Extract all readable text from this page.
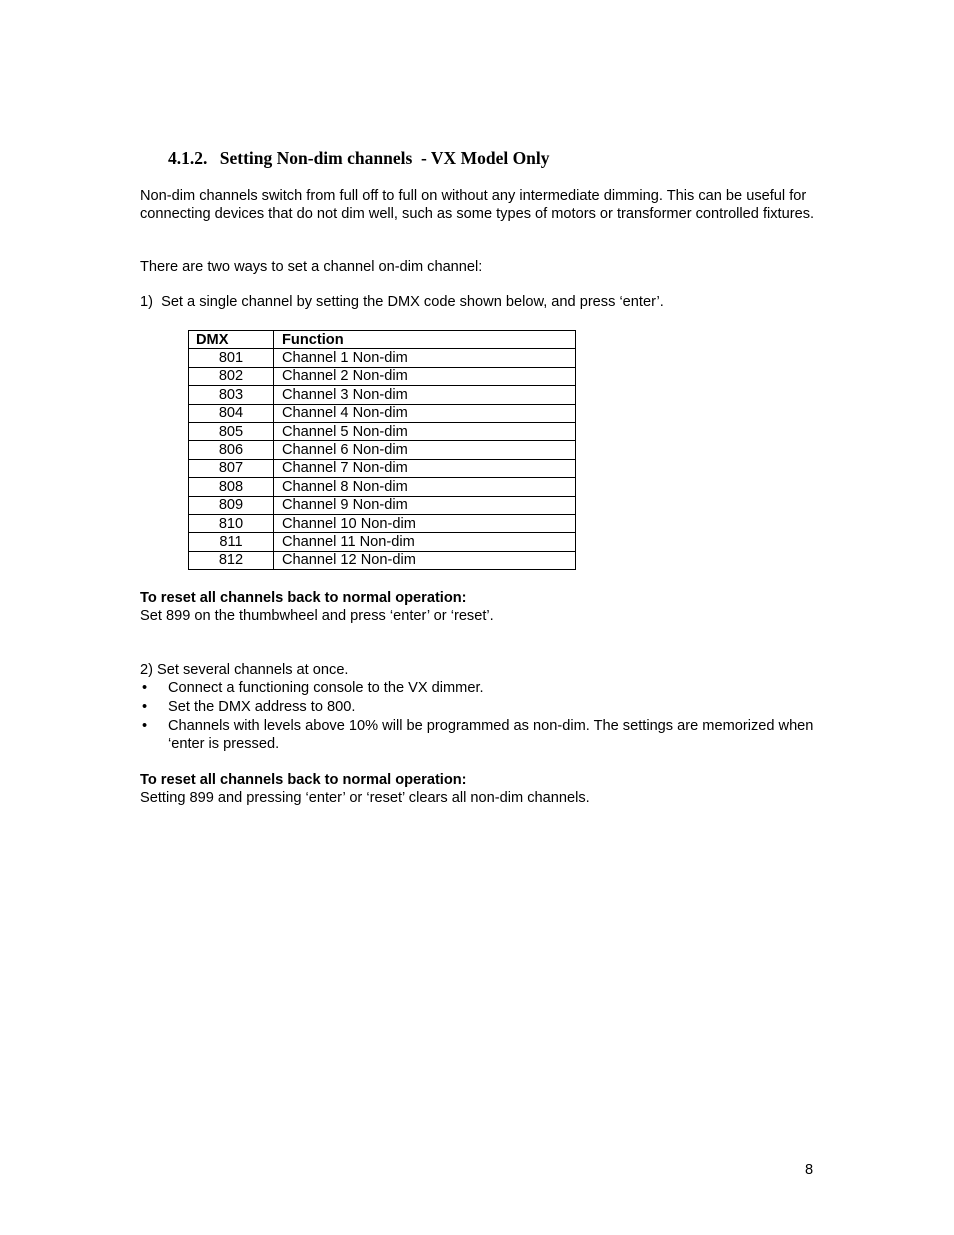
4.1.2. Setting Non-dim channels  - VX Model Only

Non-dim channels switch from full off to full on without any intermediate dimming. This can be useful for connecting devices that do not dim well, such as some types of motors or transformer controlled fixtures.

There are two ways to set a channel on-dim channel:

1)  Set a single channel by setting the DMX code shown below, and press ‘enter’.

DMX	Function
801	Channel 1 Non-dim
802	Channel 2 Non-dim
803	Channel 3 Non-dim
804	Channel 4 Non-dim
805	Channel 5 Non-dim
806	Channel 6 Non-dim
807	Channel 7 Non-dim
808	Channel 8 Non-dim
809	Channel 9 Non-dim
810	Channel 10 Non-dim
811	Channel 11 Non-dim
812	Channel 12 Non-dim

To reset all channels back to normal operation:

Set 899 on the thumbwheel and press ‘enter’ or ‘reset’.

2) Set several channels at once.

• Connect a functioning console to the VX dimmer.
• Set the DMX address to 800.
• Channels with levels above 10% will be programmed as non-dim. The settings are memorized when ‘enter is pressed.

To reset all channels back to normal operation:

Setting 899 and pressing ‘enter’ or ‘reset’ clears all non-dim channels.

8
